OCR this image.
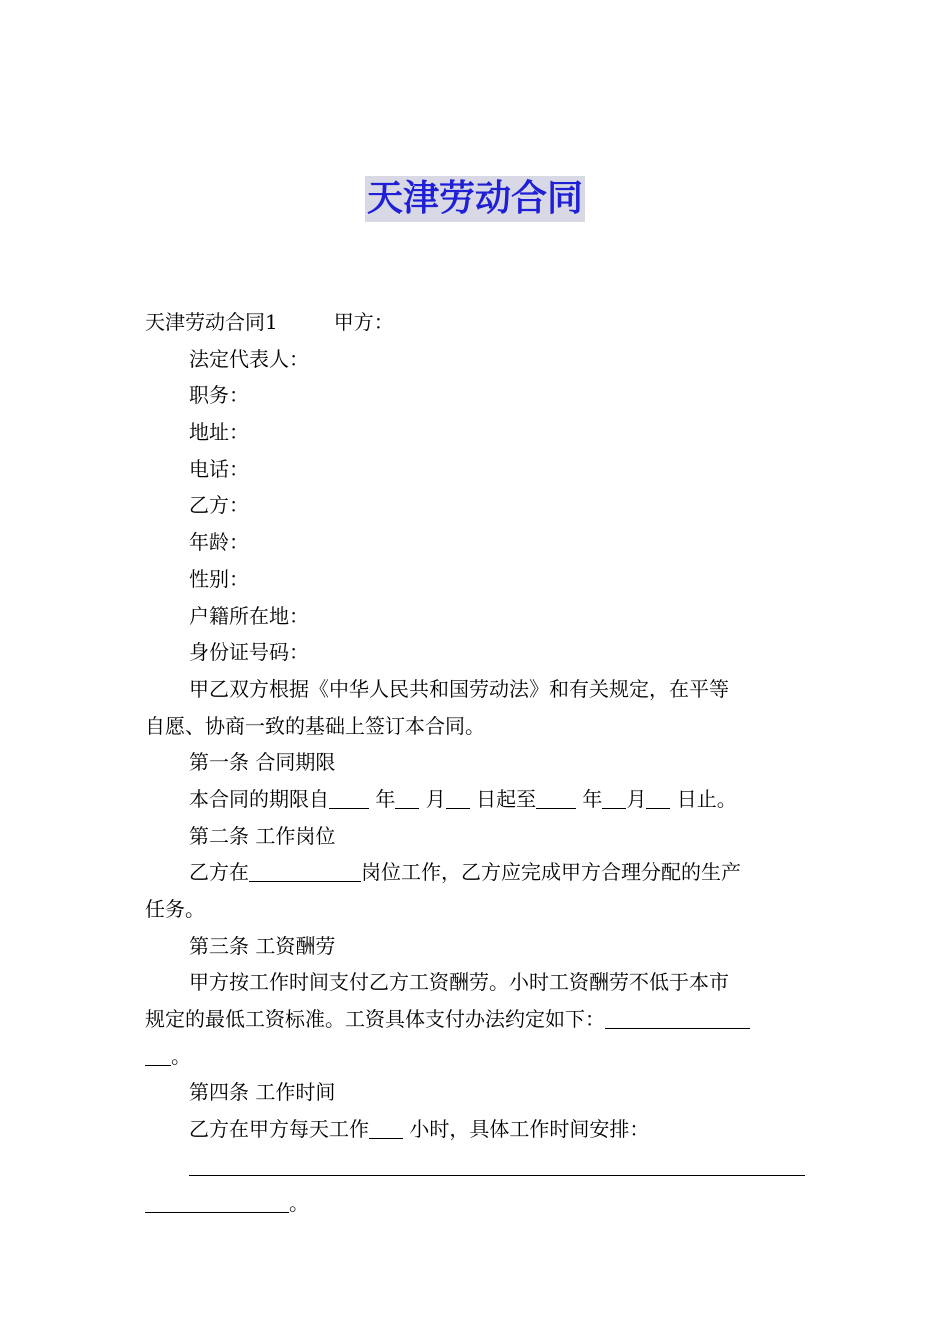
天津劳动合同
天津劳动合同1	甲方：
法定代表人：
职务：
地址：
电话：
乙方：
年龄：
性别：
户籍所在地：
身份证号码：
甲乙双方根据《中华人民共和国劳动法》和有关规定，在平等
自愿、协商一致的基础上签订本合同。
第一条 合同期限
本合同的期限自 年 月 日起至 年 月 日止。
第二条 工作岗位
乙方在	岗位工作，乙方应完成甲方合理分配的生产
任务。
第三条 工资酬劳
甲方按工作时间支付乙方工资酬劳。小时工资酬劳不低于本市
规定的最低工资标准。工资具体支付办法约定如下：
。
第四条 工作时间
乙方在甲方每天工作 小时，具体工作时间安排：
。
